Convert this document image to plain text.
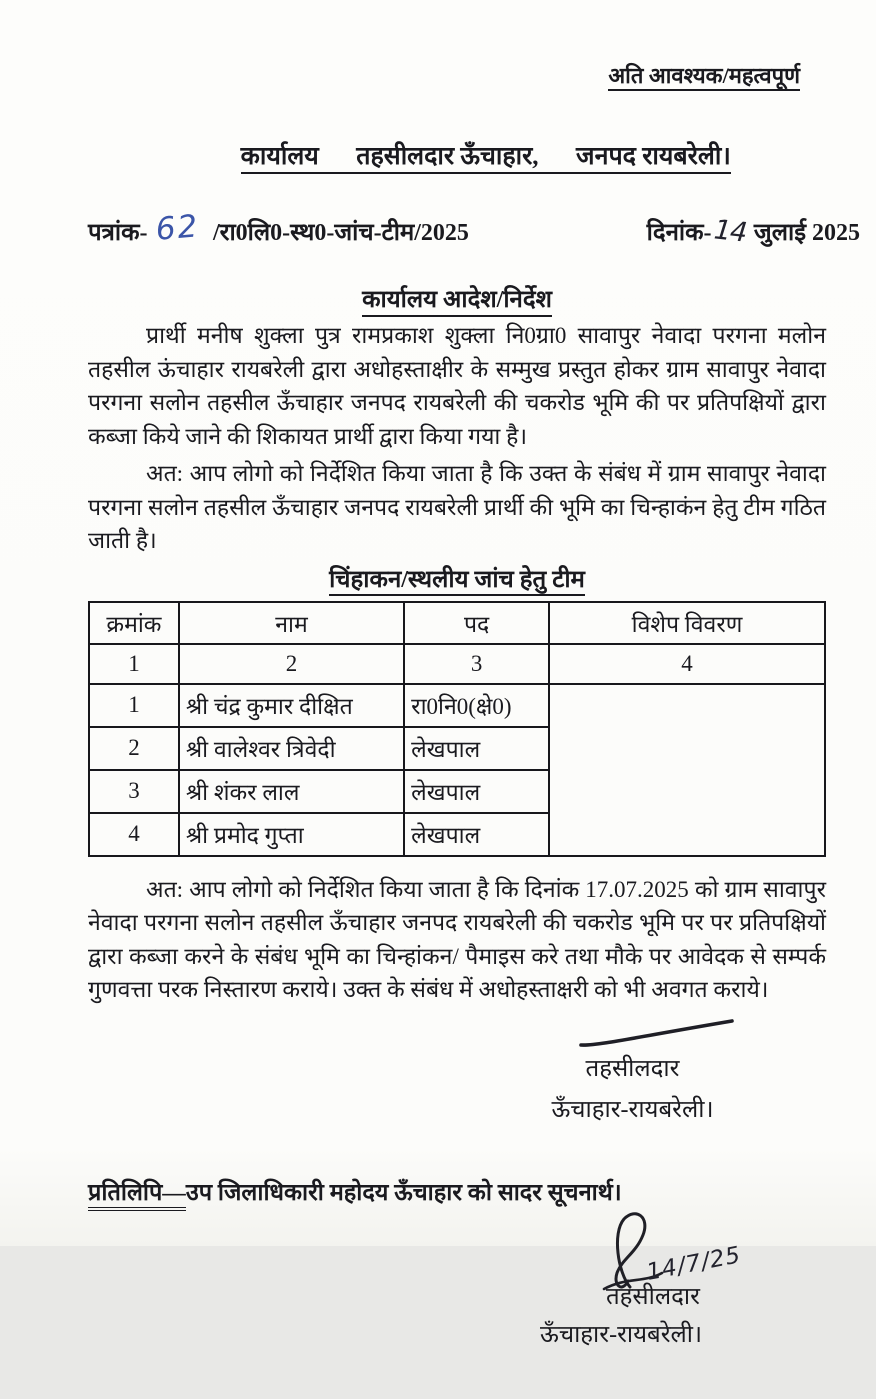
अति आवश्यक/महत्वपूर्ण

कार्यालय      तहसीलदार ऊँचाहार,      जनपद रायबरेली।

पत्रांक- 62 /रा0लि0-स्थ0-जांच-टीम/2025	दिनांक- 14 जुलाई 2025
कार्यालय आदेश/निर्देश

प्रार्थी मनीष शुक्ला पुत्र रामप्रकाश शुक्ला नि0ग्रा0 सावापुर नेवादा परगना मलोन तहसील ऊंचाहार रायबरेली द्वारा अधोहस्ताक्षीर के सम्मुख प्रस्तुत होकर ग्राम सावापुर नेवादा परगना सलोन तहसील ऊँचाहार जनपद रायबरेली की चकरोड भूमि की पर प्रतिपक्षियों द्वारा कब्जा किये जाने की शिकायत प्रार्थी द्वारा किया गया है।

अत: आप लोगो को निर्देशित किया जाता है कि उक्त के संबंध में ग्राम सावापुर नेवादा परगना सलोन तहसील ऊँचाहार जनपद रायबरेली प्रार्थी की भूमि का चिन्हाकंन हेतु टीम गठित जाती है।

चिंहाकन/स्थलीय जांच हेतु टीम
क्रमांक	नाम	पद	विशेप विवरण
1	2	3	4
1	श्री चंद्र कुमार दीक्षित	रा0नि0(क्षे0)	
2	श्री वालेश्वर त्रिवेदी	लेखपाल	
3	श्री शंकर लाल	लेखपाल	
4	श्री प्रमोद गुप्ता	लेखपाल	

अत: आप लोगो को निर्देशित किया जाता है कि दिनांक 17.07.2025 को ग्राम सावापुर नेवादा परगना सलोन तहसील ऊँचाहार जनपद रायबरेली की चकरोड भूमि पर पर प्रतिपक्षियों द्वारा कब्जा करने के संबंध भूमि का चिन्हांकन/ पैमाइस करे तथा मौके पर आवेदक से सम्पर्क गुणवत्ता परक निस्तारण कराये। उक्त के संबंध में अधोहस्ताक्षरी को भी अवगत कराये।

तहसीलदार
ऊँचाहार-रायबरेली।
प्रतिलिपि—उप जिलाधिकारी महोदय ऊँचाहार को सादर सूचनार्थ।
14/7/25
तहसीलदार
ऊँचाहार-रायबरेली।
